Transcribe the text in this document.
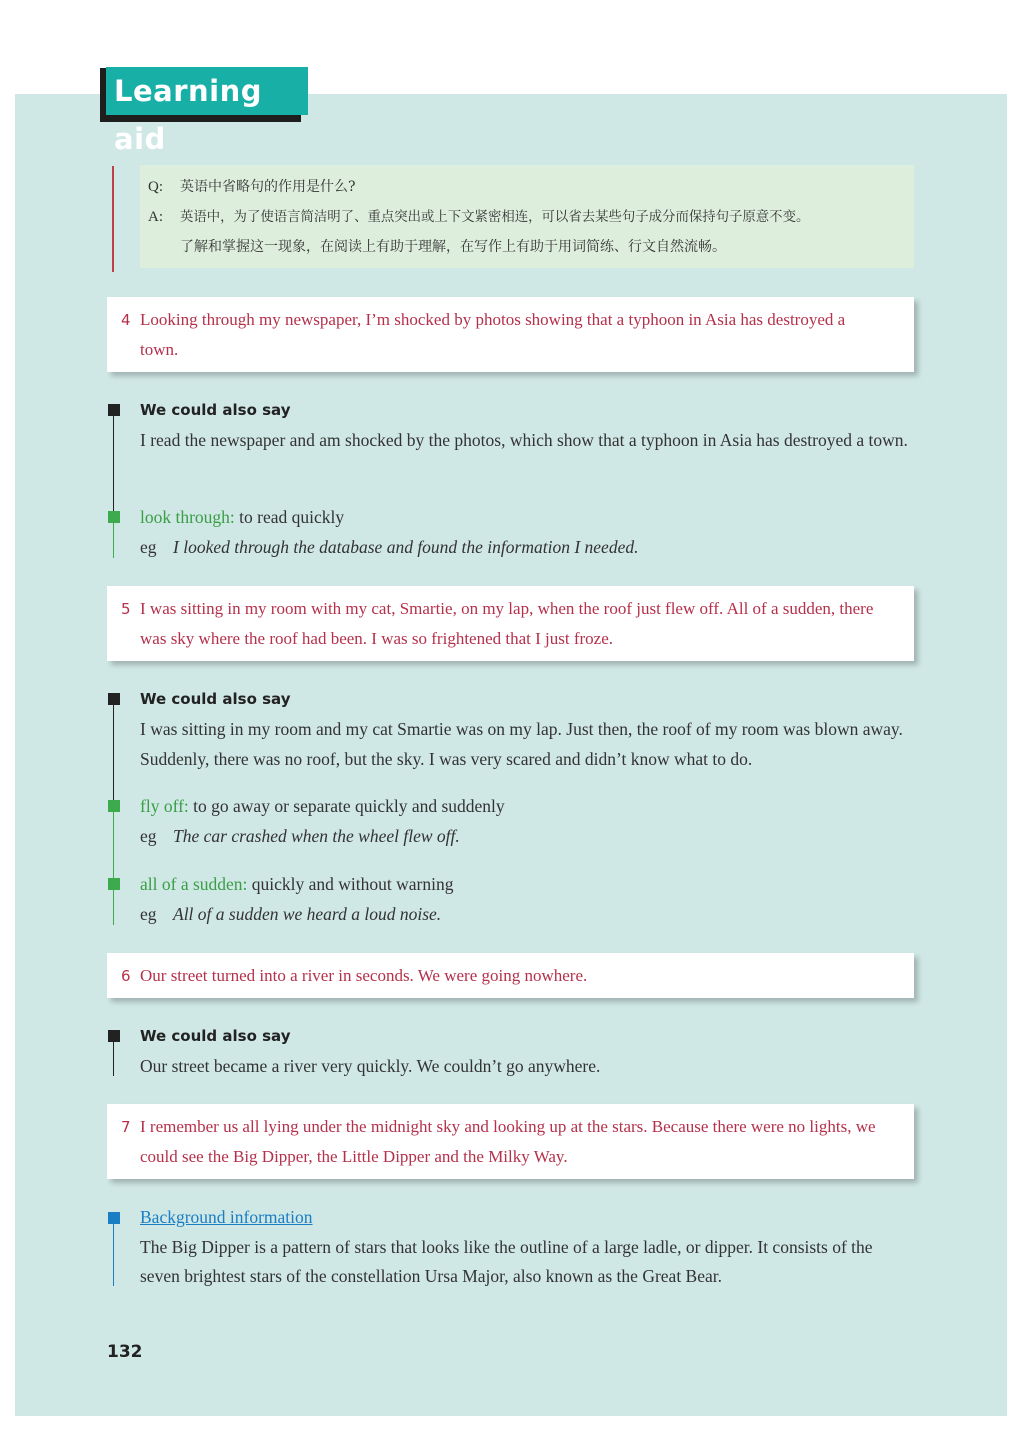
Learning aid
Q: 英语中省略句的作用是什么?
A: 英语中，为了使语言简洁明了、重点突出或上下文紧密相连，可以省去某些句子成分而保持句子原意不变。
了解和掌握这一现象，在阅读上有助于理解，在写作上有助于用词简练、行文自然流畅。
4 Looking through my newspaper, I’m shocked by photos showing that a typhoon in Asia has destroyed a town.
We could also say
I read the newspaper and am shocked by the photos, which show that a typhoon in Asia has destroyed a town.
look through: to read quickly
eg I looked through the database and found the information I needed.
5 I was sitting in my room with my cat, Smartie, on my lap, when the roof just flew off. All of a sudden, there was sky where the roof had been. I was so frightened that I just froze.
We could also say
I was sitting in my room and my cat Smartie was on my lap. Just then, the roof of my room was blown away. Suddenly, there was no roof, but the sky. I was very scared and didn’t know what to do.
fly off: to go away or separate quickly and suddenly
eg The car crashed when the wheel flew off.
all of a sudden: quickly and without warning
eg All of a sudden we heard a loud noise.
6 Our street turned into a river in seconds. We were going nowhere.
We could also say
Our street became a river very quickly. We couldn’t go anywhere.
7 I remember us all lying under the midnight sky and looking up at the stars. Because there were no lights, we could see the Big Dipper, the Little Dipper and the Milky Way.
Background information
The Big Dipper is a pattern of stars that looks like the outline of a large ladle, or dipper. It consists of the seven brightest stars of the constellation Ursa Major, also known as the Great Bear.
132
